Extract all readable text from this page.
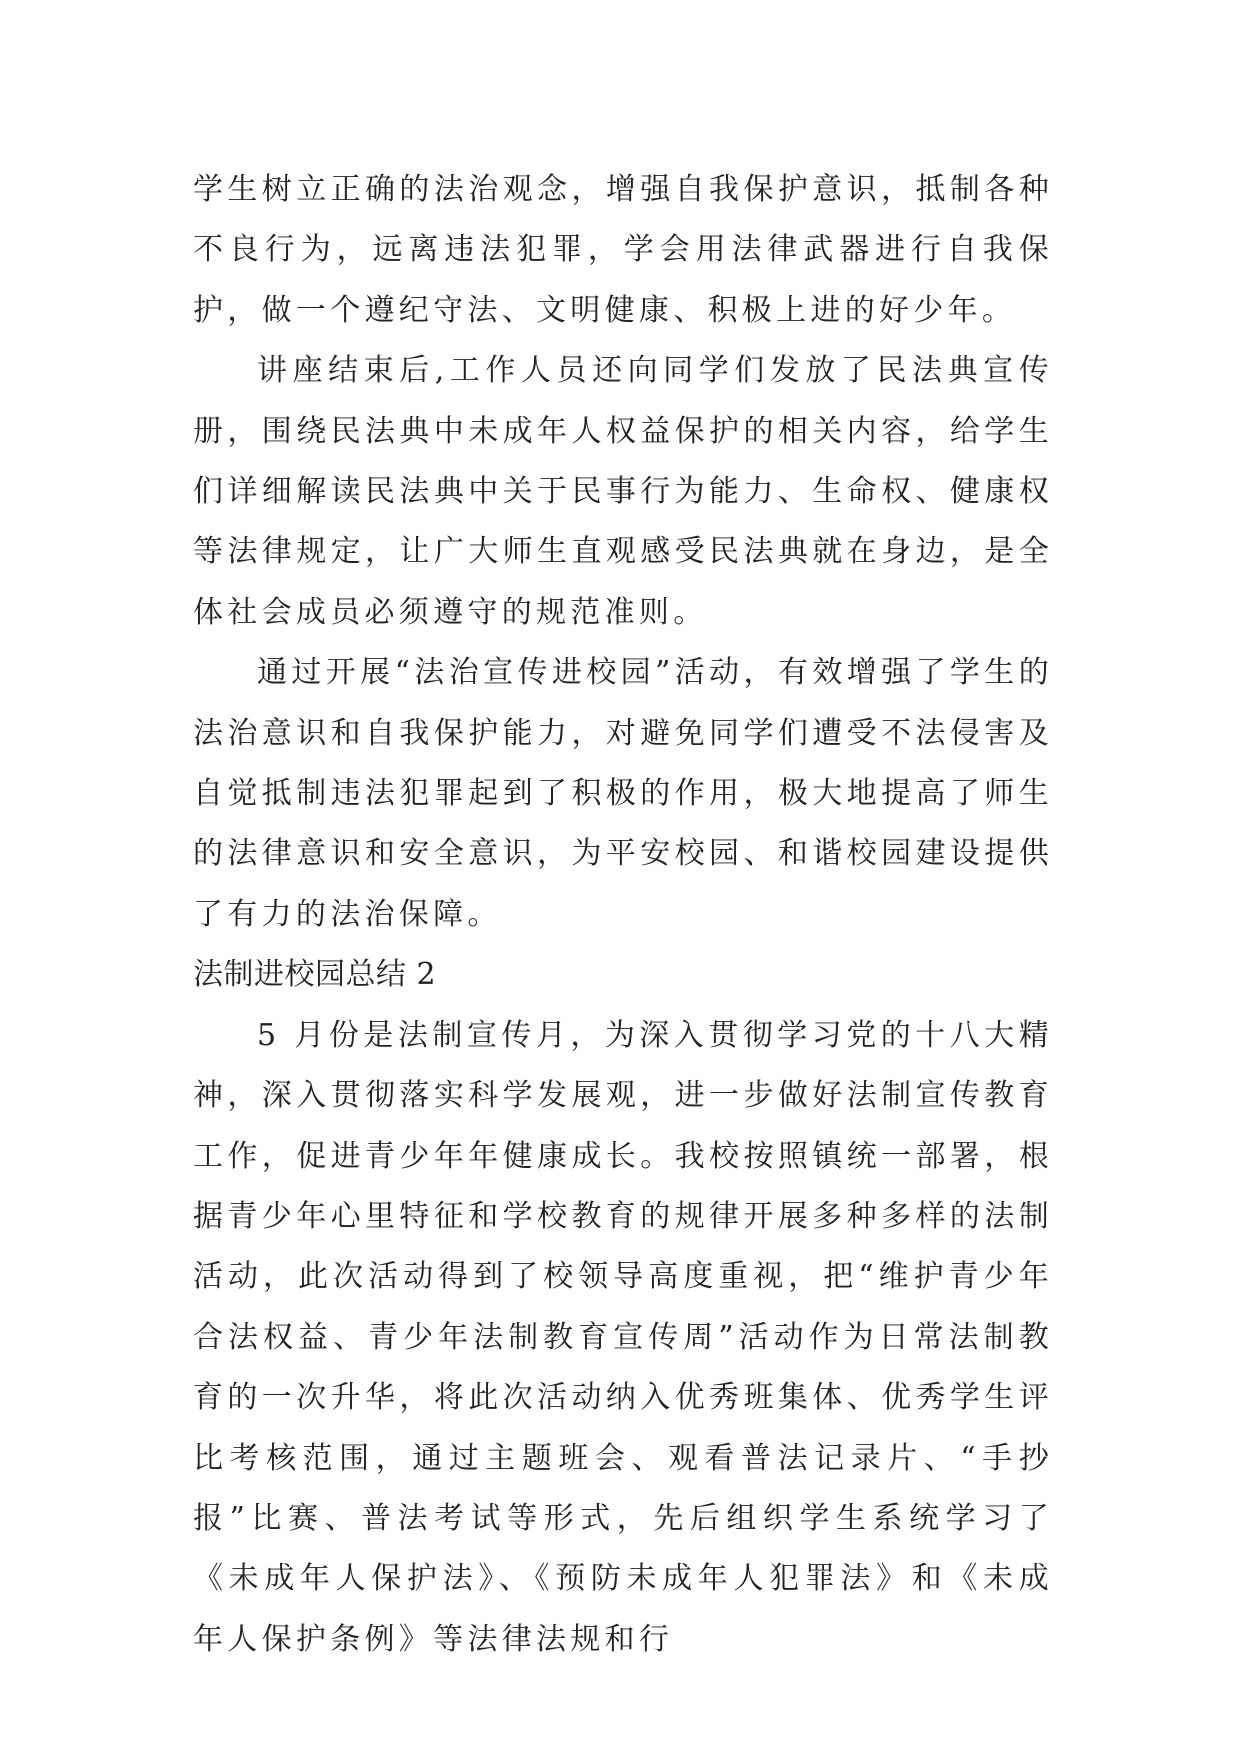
学生树立正确的法治观念，增强自我保护意识，抵制各种不良行为，远离违法犯罪，学会用法律武器进行自我保护，做一个遵纪守法、文明健康、积极上进的好少年。

讲座结束后,工作人员还向同学们发放了民法典宣传册，围绕民法典中未成年人权益保护的相关内容，给学生们详细解读民法典中关于民事行为能力、生命权、健康权等法律规定，让广大师生直观感受民法典就在身边，是全体社会成员必须遵守的规范准则。

通过开展“法治宣传进校园”活动，有效增强了学生的法治意识和自我保护能力，对避免同学们遭受不法侵害及自觉抵制违法犯罪起到了积极的作用，极大地提高了师生的法律意识和安全意识，为平安校园、和谐校园建设提供了有力的法治保障。

法制进校园总结 2

5 月份是法制宣传月，为深入贯彻学习党的十八大精神，深入贯彻落实科学发展观，进一步做好法制宣传教育工作，促进青少年年健康成长。我校按照镇统一部署，根据青少年心里特征和学校教育的规律开展多种多样的法制活动，此次活动得到了校领导高度重视，把“维护青少年合法权益、青少年法制教育宣传周”活动作为日常法制教育的一次升华，将此次活动纳入优秀班集体、优秀学生评比考核范围，通过主题班会、观看普法记录片、“手抄报”比赛、普法考试等形式，先后组织学生系统学习了《未成年人保护法》、《预防未成年人犯罪法》和《未成年人保护条例》等法律法规和行
